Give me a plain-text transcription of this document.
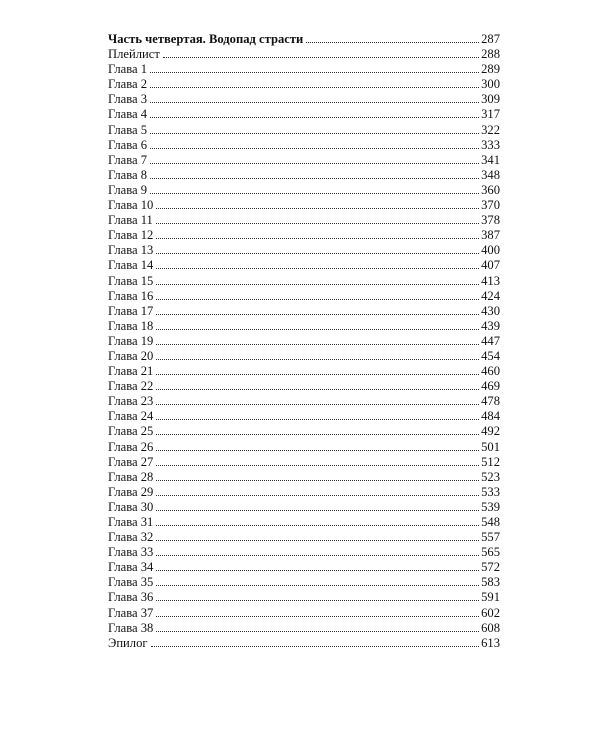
Часть четвертая. Водопад страсти	287
Плейлист	288
Глава 1	289
Глава 2	300
Глава 3	309
Глава 4	317
Глава 5	322
Глава 6	333
Глава 7	341
Глава 8	348
Глава 9	360
Глава 10	370
Глава 11	378
Глава 12	387
Глава 13	400
Глава 14	407
Глава 15	413
Глава 16	424
Глава 17	430
Глава 18	439
Глава 19	447
Глава 20	454
Глава 21	460
Глава 22	469
Глава 23	478
Глава 24	484
Глава 25	492
Глава 26	501
Глава 27	512
Глава 28	523
Глава 29	533
Глава 30	539
Глава 31	548
Глава 32	557
Глава 33	565
Глава 34	572
Глава 35	583
Глава 36	591
Глава 37	602
Глава 38	608
Эпилог	613
